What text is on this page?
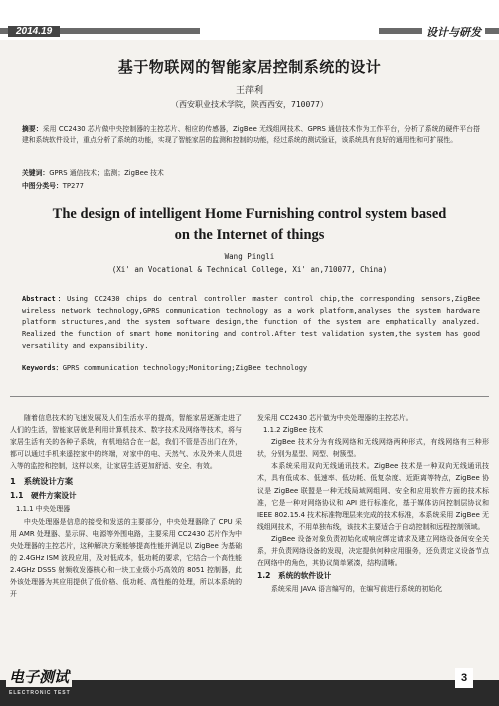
2014.19	设计与研发
基于物联网的智能家居控制系统的设计
王萍利
（西安职业技术学院，陕西西安，710077）
摘要：采用 CC2430 芯片做中央控制器的主控芯片、相应的传感器，ZigBee 无线组网技术、GPRS 通信技术作为工作平台，分析了系统的硬件平台搭建和系统软件设计，重点分析了系统的功能，实现了智能家居的监测和控制的功能，经过系统的测试验证，该系统具有良好的通用性和可扩展性。
关键词：GPRS 通信技术；监测；ZigBee 技术
中图分类号：TP277
The design of intelligent Home Furnishing control system based
on the Internet of things
Wang Pingli
(Xi' an Vocational & Technical College, Xi' an,710077, China)
Abstract：Using CC2430 chips do central controller master control chip,the corresponding sensors,ZigBee wireless network technology,GPRS communication technology as a work platform,analyses the system hardware platform structures,and the system software design,the function of the system are emphatically analyzed. Realized the function of smart home monitoring and control.After test validation system,the system has good versatility and expansibility.
Keywords：GPRS communication technology;Monitoring;ZigBee technology

随着信息技术的飞速发展及人们生活水平的提高，智能家居逐渐走进了人们的生活，智能家居就是利用计算机技术、数字技术及网络等技术，将与家居生活有关的各种子系统，有机地结合在一起，我们不管是否出门在外，都可以通过手机来遥控家中的终端，对家中的电、天然气、水及外来人员进入等的监控和控制，这样以来，让家居生活更加舒适、安全、有效。

1　系统设计方案

1.1　硬件方案设计

1.1.1 中央处理器

中央处理器是信息的接受和发送的主要部分，中央处理器除了 CPU 采用 AMR 处理器、显示屏、电源等外围电路，主要采用 CC2430 芯片作为中央处理器的主控芯片，这种解决方案能够提高性能并满足以 ZigBee 为基础的 2.4GHz ISM 波段应用，及对低成本，低功耗的要求，它结合一个高性能 2.4GHz DSSS 射频收发器核心和一块工业级小巧高效的 8051 控制器，此外该处理器为其应用提供了低价格、低功耗、高性能的处理，所以本系统的开

发采用 CC2430 芯片做为中央处理器的主控芯片。

1.1.2 ZigBee 技术

ZigBee 技术分为有线网络和无线网络两种形式，有线网络有三种形状，分别为星型、网型、树簇型。

本系统采用双向无线通讯技术。ZigBee 技术是一种双向无线通讯技术，具有低成本、低速率、低功耗、低复杂度、近距离等特点，ZigBee 协议是 ZigBee 联盟是一种无线局域网组网、安全和应用软件方面的技术标准，它是一种对网络协议和 API 进行标准化，基于媒体访问控制层协议和 IEEE 802.15.4 技术标准物理层来完成的技术标准，本系统采用 ZigBee 无线组网技术，不用单独布线，该技术主要适合于自动控制和远程控制领域。

ZigBee 设备对象负责初始化或响应绑定请求及建立网络设备间安全关系，并负责网络设备的发现，决定提供何种应用服务，还负责定义设备节点在网络中的角色，其协议简单紧凑，结构清晰。

1.2　系统的软件设计

系统采用 JAVA 语言编写的，在编写前进行系统的初始化

电子测试
ELECTRONIC TEST
3
